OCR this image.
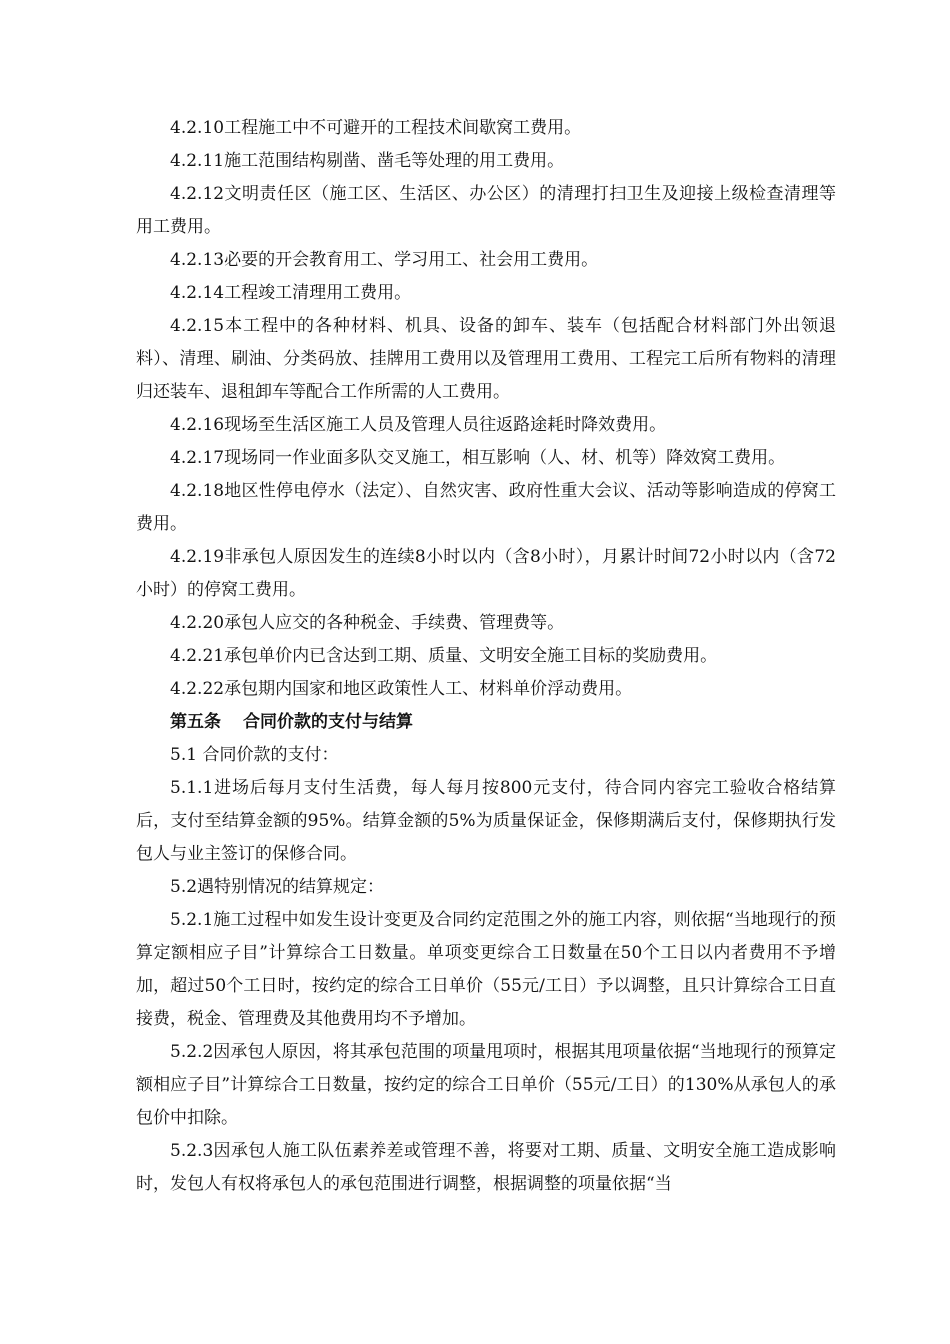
4.2.10工程施工中不可避开的工程技术间歇窝工费用。

4.2.11施工范围结构剔凿、凿毛等处理的用工费用。

4.2.12文明责任区（施工区、生活区、办公区）的清理打扫卫生及迎接上级检查清理等用工费用。

4.2.13必要的开会教育用工、学习用工、社会用工费用。

4.2.14工程竣工清理用工费用。

4.2.15本工程中的各种材料、机具、设备的卸车、装车（包括配合材料部门外出领退料）、清理、刷油、分类码放、挂牌用工费用以及管理用工费用、工程完工后所有物料的清理归还装车、退租卸车等配合工作所需的人工费用。

4.2.16现场至生活区施工人员及管理人员往返路途耗时降效费用。

4.2.17现场同一作业面多队交叉施工，相互影响（人、材、机等）降效窝工费用。

4.2.18地区性停电停水（法定）、自然灾害、政府性重大会议、活动等影响造成的停窝工费用。

4.2.19非承包人原因发生的连续8小时以内（含8小时），月累计时间72小时以内（含72小时）的停窝工费用。

4.2.20承包人应交的各种税金、手续费、管理费等。

4.2.21承包单价内已含达到工期、质量、文明安全施工目标的奖励费用。

4.2.22承包期内国家和地区政策性人工、材料单价浮动费用。

第五条 合同价款的支付与结算

5.1 合同价款的支付：

5.1.1进场后每月支付生活费，每人每月按800元支付，待合同内容完工验收合格结算后，支付至结算金额的95%。结算金额的5%为质量保证金，保修期满后支付，保修期执行发包人与业主签订的保修合同。

5.2遇特别情况的结算规定：

5.2.1施工过程中如发生设计变更及合同约定范围之外的施工内容，则依据“当地现行的预算定额相应子目”计算综合工日数量。单项变更综合工日数量在50个工日以内者费用不予增加，超过50个工日时，按约定的综合工日单价（55元/工日）予以调整，且只计算综合工日直接费，税金、管理费及其他费用均不予增加。

5.2.2因承包人原因，将其承包范围的项量甩项时，根据其甩项量依据“当地现行的预算定额相应子目”计算综合工日数量，按约定的综合工日单价（55元/工日）的130%从承包人的承包价中扣除。

5.2.3因承包人施工队伍素养差或管理不善，将要对工期、质量、文明安全施工造成影响时，发包人有权将承包人的承包范围进行调整，根据调整的项量依据“当
